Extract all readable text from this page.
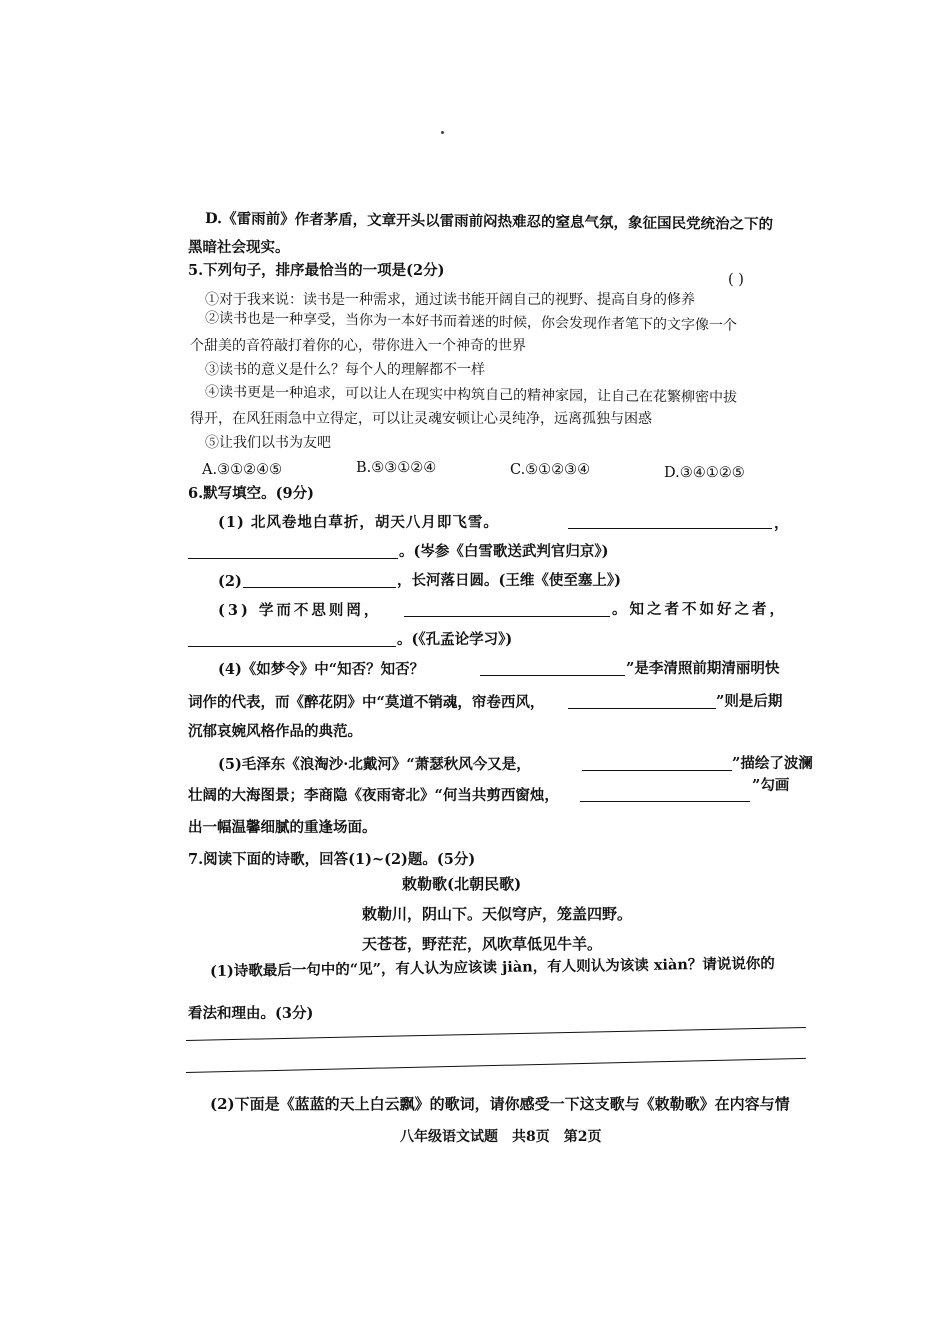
D.《雷雨前》作者茅盾，文章开头以雷雨前闷热难忍的窒息气氛，象征国民党统治之下的
黑暗社会现实。
5.下列句子，排序最恰当的一项是(2分)
( )
①对于我来说：读书是一种需求，通过读书能开阔自己的视野、提高自身的修养
②读书也是一种享受，当你为一本好书而着迷的时候，你会发现作者笔下的文字像一个
个甜美的音符敲打着你的心，带你进入一个神奇的世界
③读书的意义是什么？每个人的理解都不一样
④读书更是一种追求，可以让人在现实中构筑自己的精神家园，让自己在花繁柳密中拔
得开，在风狂雨急中立得定，可以让灵魂安顿让心灵纯净，远离孤独与困惑
⑤让我们以书为友吧
A.③①②④⑤	B.⑤③①②④	C.⑤①②③④	D.③④①②⑤
6.默写填空。(9分)
(1) 北风卷地白草折，胡天八月即飞雪。	，
。(岑参《白雪歌送武判官归京》)
(2)	，长河落日圆。(王维《使至塞上》)
(3) 学而不思则罔，	。知之者不如好之者，
。(《孔孟论学习》)
(4)《如梦令》中“知否？知否？	”是李清照前期清丽明快
词作的代表，而《醉花阴》中“莫道不销魂，帘卷西风，	”则是后期
沉郁哀婉风格作品的典范。
(5)毛泽东《浪淘沙·北戴河》“萧瑟秋风今又是，	”描绘了波澜
壮阔的大海图景；李商隐《夜雨寄北》“何当共剪西窗烛，
”勾画
出一幅温馨细腻的重逢场面。
7.阅读下面的诗歌，回答(1)~(2)题。(5分)
敕勒歌(北朝民歌)
敕勒川，阴山下。天似穹庐，笼盖四野。
天苍苍，野茫茫，风吹草低见牛羊。
(1)诗歌最后一句中的“见”，有人认为应该读 jiàn，有人则认为该读 xiàn？请说说你的
看法和理由。(3分)
(2)下面是《蓝蓝的天上白云飘》的歌词，请你感受一下这支歌与《敕勒歌》在内容与情
八年级语文试题　共8页　第2页
